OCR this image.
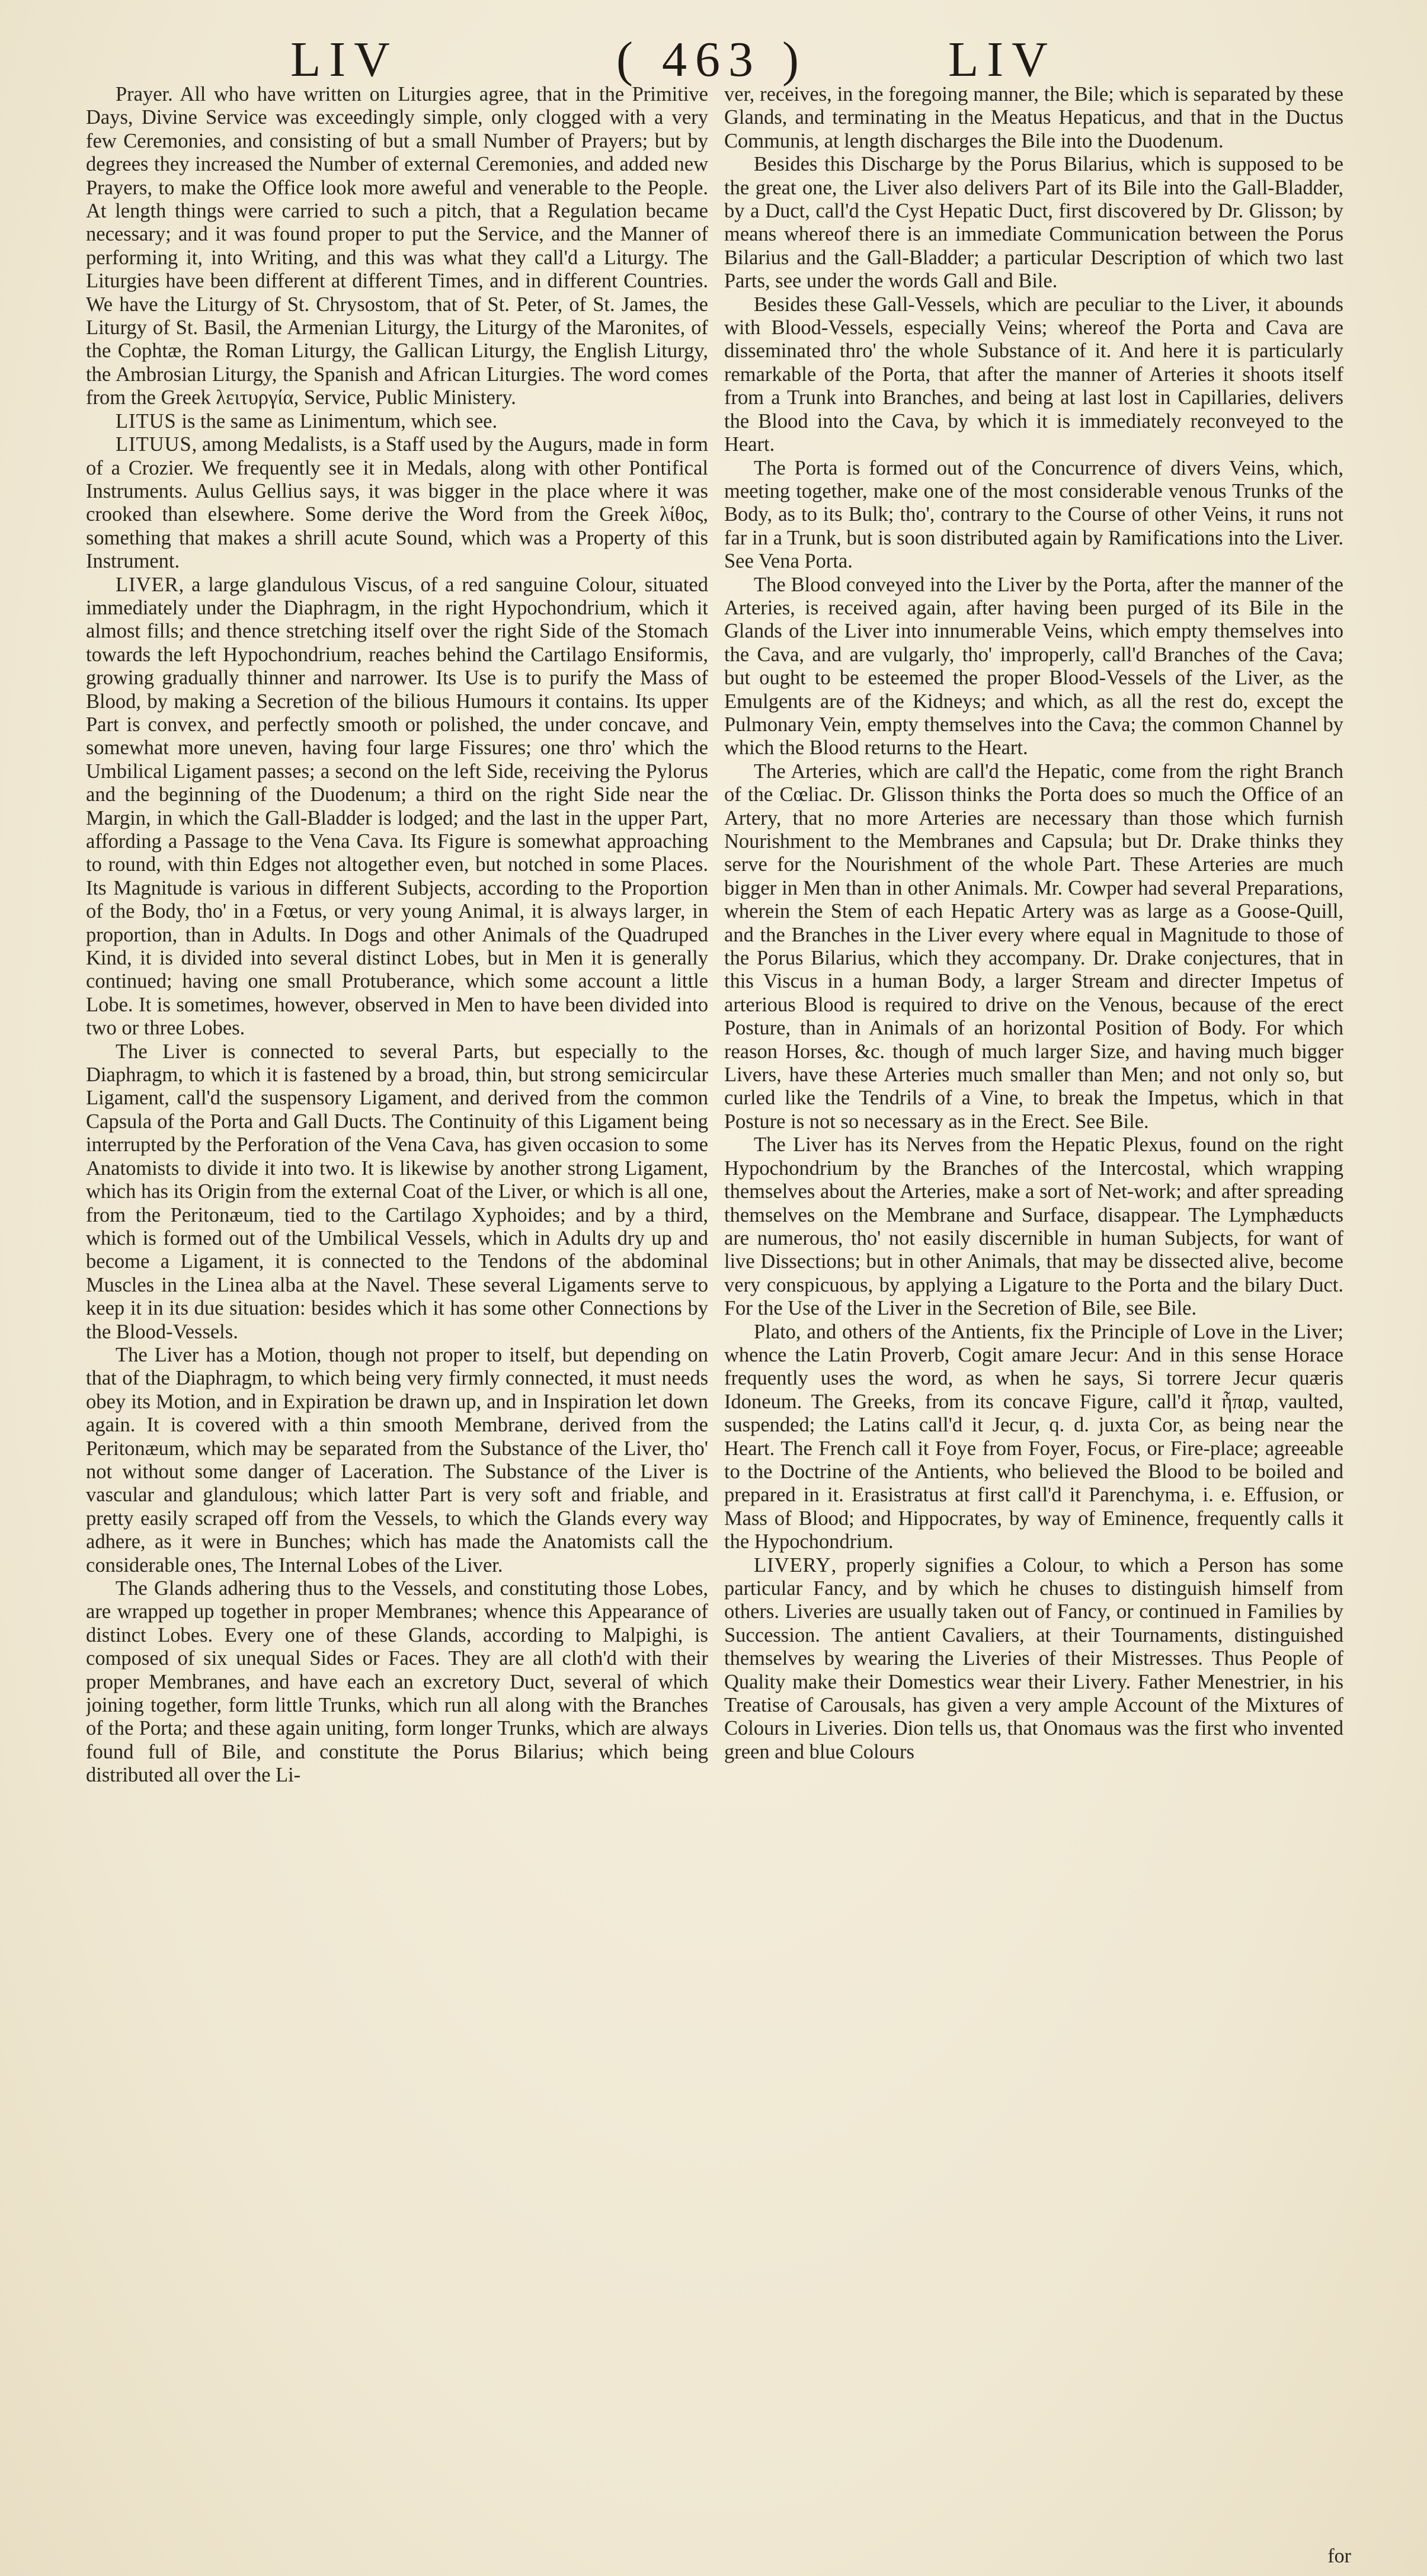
LIV	( 463 )	LIV

Prayer. All who have written on Liturgies agree, that in the Primitive Days, Divine Service was exceedingly simple, only clogged with a very few Ceremonies, and consisting of but a small Number of Prayers; but by degrees they increased the Number of external Ceremonies, and added new Prayers, to make the Office look more aweful and venerable to the People. At length things were carried to such a pitch, that a Regulation became necessary; and it was found proper to put the Service, and the Manner of performing it, into Writing, and this was what they call'd a Liturgy. The Liturgies have been different at different Times, and in different Countries. We have the Liturgy of St. Chrysostom, that of St. Peter, of St. James, the Liturgy of St. Basil, the Armenian Liturgy, the Liturgy of the Maronites, of the Cophtæ, the Roman Liturgy, the Gallican Liturgy, the English Liturgy, the Ambrosian Liturgy, the Spanish and African Liturgies. The word comes from the Greek λειτυργία, Service, Public Ministery.

LITUS is the same as Linimentum, which see.

LITUUS, among Medalists, is a Staff used by the Augurs, made in form of a Crozier. We frequently see it in Medals, along with other Pontifical Instruments. Aulus Gellius says, it was bigger in the place where it was crooked than elsewhere. Some derive the Word from the Greek λίθος, something that makes a shrill acute Sound, which was a Property of this Instrument.

LIVER, a large glandulous Viscus, of a red sanguine Colour, situated immediately under the Diaphragm, in the right Hypochondrium, which it almost fills; and thence stretching itself over the right Side of the Stomach towards the left Hypochondrium, reaches behind the Cartilago Ensiformis, growing gradually thinner and narrower. Its Use is to purify the Mass of Blood, by making a Secretion of the bilious Humours it contains. Its upper Part is convex, and perfectly smooth or polished, the under concave, and somewhat more uneven, having four large Fissures; one thro' which the Umbilical Ligament passes; a second on the left Side, receiving the Pylorus and the beginning of the Duodenum; a third on the right Side near the Margin, in which the Gall-Bladder is lodged; and the last in the upper Part, affording a Passage to the Vena Cava. Its Figure is somewhat approaching to round, with thin Edges not altogether even, but notched in some Places. Its Magnitude is various in different Subjects, according to the Proportion of the Body, tho' in a Fœtus, or very young Animal, it is always larger, in proportion, than in Adults. In Dogs and other Animals of the Quadruped Kind, it is divided into several distinct Lobes, but in Men it is generally continued; having one small Protuberance, which some account a little Lobe. It is sometimes, however, observed in Men to have been divided into two or three Lobes.

The Liver is connected to several Parts, but especially to the Diaphragm, to which it is fastened by a broad, thin, but strong semicircular Ligament, call'd the suspensory Ligament, and derived from the common Capsula of the Porta and Gall Ducts. The Continuity of this Ligament being interrupted by the Perforation of the Vena Cava, has given occasion to some Anatomists to divide it into two. It is likewise by another strong Ligament, which has its Origin from the external Coat of the Liver, or which is all one, from the Peritonæum, tied to the Cartilago Xyphoides; and by a third, which is formed out of the Umbilical Vessels, which in Adults dry up and become a Ligament, it is connected to the Tendons of the abdominal Muscles in the Linea alba at the Navel. These several Ligaments serve to keep it in its due situation: besides which it has some other Connections by the Blood-Vessels.

The Liver has a Motion, though not proper to itself, but depending on that of the Diaphragm, to which being very firmly connected, it must needs obey its Motion, and in Expiration be drawn up, and in Inspiration let down again. It is covered with a thin smooth Membrane, derived from the Peritonæum, which may be separated from the Substance of the Liver, tho' not without some danger of Laceration. The Substance of the Liver is vascular and glandulous; which latter Part is very soft and friable, and pretty easily scraped off from the Vessels, to which the Glands every way adhere, as it were in Bunches; which has made the Anatomists call the considerable ones, The Internal Lobes of the Liver.

The Glands adhering thus to the Vessels, and constituting those Lobes, are wrapped up together in proper Membranes; whence this Appearance of distinct Lobes. Every one of these Glands, according to Malpighi, is composed of six unequal Sides or Faces. They are all cloth'd with their proper Membranes, and have each an excretory Duct, several of which joining together, form little Trunks, which run all along with the Branches of the Porta; and these again uniting, form longer Trunks, which are always found full of Bile, and constitute the Porus Bilarius; which being distributed all over the Li-

ver, receives, in the foregoing manner, the Bile; which is separated by these Glands, and terminating in the Meatus Hepaticus, and that in the Ductus Communis, at length discharges the Bile into the Duodenum.

Besides this Discharge by the Porus Bilarius, which is supposed to be the great one, the Liver also delivers Part of its Bile into the Gall-Bladder, by a Duct, call'd the Cyst Hepatic Duct, first discovered by Dr. Glisson; by means whereof there is an immediate Communication between the Porus Bilarius and the Gall-Bladder; a particular Description of which two last Parts, see under the words Gall and Bile.

Besides these Gall-Vessels, which are peculiar to the Liver, it abounds with Blood-Vessels, especially Veins; whereof the Porta and Cava are disseminated thro' the whole Substance of it. And here it is particularly remarkable of the Porta, that after the manner of Arteries it shoots itself from a Trunk into Branches, and being at last lost in Capillaries, delivers the Blood into the Cava, by which it is immediately reconveyed to the Heart.

The Porta is formed out of the Concurrence of divers Veins, which, meeting together, make one of the most considerable venous Trunks of the Body, as to its Bulk; tho', contrary to the Course of other Veins, it runs not far in a Trunk, but is soon distributed again by Ramifications into the Liver. See Vena Porta.

The Blood conveyed into the Liver by the Porta, after the manner of the Arteries, is received again, after having been purged of its Bile in the Glands of the Liver into innumerable Veins, which empty themselves into the Cava, and are vulgarly, tho' improperly, call'd Branches of the Cava; but ought to be esteemed the proper Blood-Vessels of the Liver, as the Emulgents are of the Kidneys; and which, as all the rest do, except the Pulmonary Vein, empty themselves into the Cava; the common Channel by which the Blood returns to the Heart.

The Arteries, which are call'd the Hepatic, come from the right Branch of the Cœliac. Dr. Glisson thinks the Porta does so much the Office of an Artery, that no more Arteries are necessary than those which furnish Nourishment to the Membranes and Capsula; but Dr. Drake thinks they serve for the Nourishment of the whole Part. These Arteries are much bigger in Men than in other Animals. Mr. Cowper had several Preparations, wherein the Stem of each Hepatic Artery was as large as a Goose-Quill, and the Branches in the Liver every where equal in Magnitude to those of the Porus Bilarius, which they accompany. Dr. Drake conjectures, that in this Viscus in a human Body, a larger Stream and directer Impetus of arterious Blood is required to drive on the Venous, because of the erect Posture, than in Animals of an horizontal Position of Body. For which reason Horses, &c. though of much larger Size, and having much bigger Livers, have these Arteries much smaller than Men; and not only so, but curled like the Tendrils of a Vine, to break the Impetus, which in that Posture is not so necessary as in the Erect. See Bile.

The Liver has its Nerves from the Hepatic Plexus, found on the right Hypochondrium by the Branches of the Intercostal, which wrapping themselves about the Arteries, make a sort of Net-work; and after spreading themselves on the Membrane and Surface, disappear. The Lymphæducts are numerous, tho' not easily discernible in human Subjects, for want of live Dissections; but in other Animals, that may be dissected alive, become very conspicuous, by applying a Ligature to the Porta and the bilary Duct. For the Use of the Liver in the Secretion of Bile, see Bile.

Plato, and others of the Antients, fix the Principle of Love in the Liver; whence the Latin Proverb, Cogit amare Jecur: And in this sense Horace frequently uses the word, as when he says, Si torrere Jecur quæris Idoneum. The Greeks, from its concave Figure, call'd it ἧπαρ, vaulted, suspended; the Latins call'd it Jecur, q. d. juxta Cor, as being near the Heart. The French call it Foye from Foyer, Focus, or Fire-place; agreeable to the Doctrine of the Antients, who believed the Blood to be boiled and prepared in it. Erasistratus at first call'd it Parenchyma, i. e. Effusion, or Mass of Blood; and Hippocrates, by way of Eminence, frequently calls it the Hypochondrium.

LIVERY, properly signifies a Colour, to which a Person has some particular Fancy, and by which he chuses to distinguish himself from others. Liveries are usually taken out of Fancy, or continued in Families by Succession. The antient Cavaliers, at their Tournaments, distinguished themselves by wearing the Liveries of their Mistresses. Thus People of Quality make their Domestics wear their Livery. Father Menestrier, in his Treatise of Carousals, has given a very ample Account of the Mixtures of Colours in Liveries. Dion tells us, that Onomaus was the first who invented green and blue Colours

for
